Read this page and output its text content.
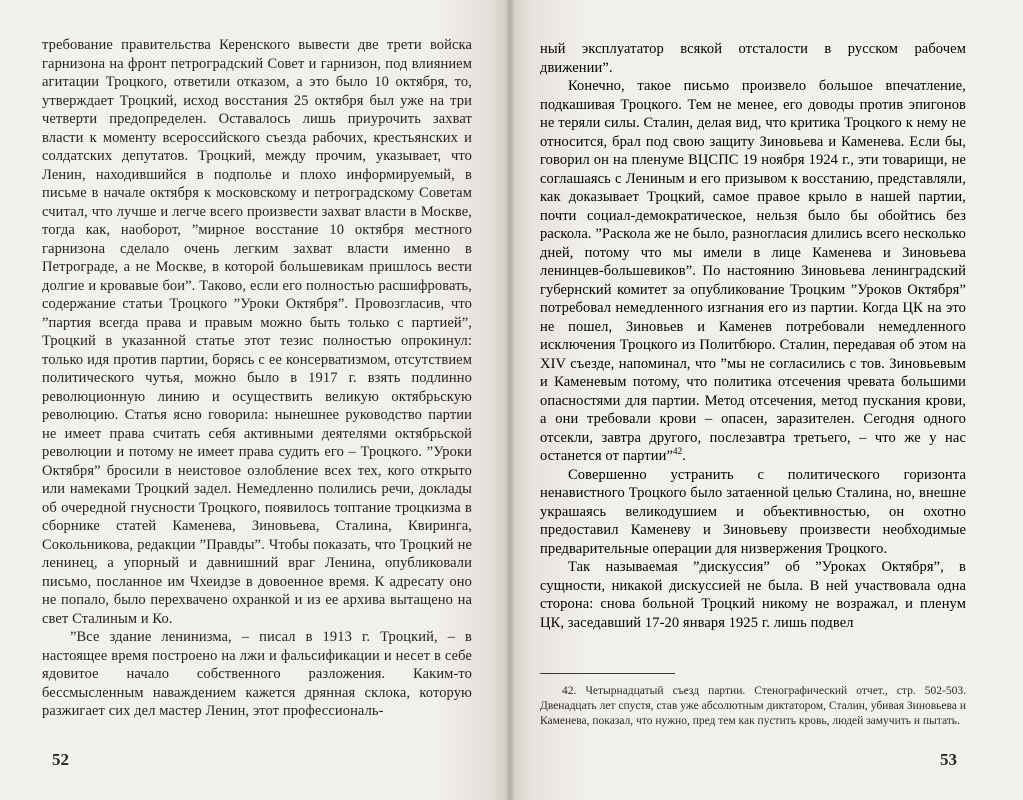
требование правительства Керенского вывести две трети войска гарнизона на фронт петроградский Совет и гарнизон, под влиянием агитации Троцкого, ответили отказом, а это было 10 октября, то, утверждает Троцкий, исход восстания 25 октября был уже на три четверти предопределен. Оставалось лишь приурочить захват власти к моменту всероссийского съезда рабочих, крестьянских и солдатских депутатов. Троцкий, между прочим, указывает, что Ленин, находившийся в подполье и плохо информируемый, в письме в начале октября к московскому и петроградскому Советам считал, что лучше и легче всего произвести захват власти в Москве, тогда как, наоборот, ”мирное восстание 10 октября местного гарнизона сделало очень легким захват власти именно в Петрограде, а не Москве, в которой большевикам пришлось вести долгие и кровавые бои”. Таково, если его полностью расшифровать, содержание статьи Троцкого ”Уроки Октября”. Провозгласив, что ”партия всегда права и правым можно быть только с партией”, Троцкий в указанной статье этот тезис полностью опрокинул: только идя против партии, борясь с ее консерватизмом, отсутствием политического чутья, можно было в 1917 г. взять подлинно революционную линию и осуществить великую октябрьскую революцию. Статья ясно говорила: нынешнее руководство партии не имеет права считать себя активными деятелями октябрьской революции и потому не имеет права судить его – Троцкого. ”Уроки Октября” бросили в неистовое озлобление всех тех, кого открыто или намеками Троцкий задел. Немедленно полились речи, доклады об очередной гнусности Троцкого, появилось топтание троцкизма в сборнике статей Каменева, Зиновьева, Сталина, Квиринга, Сокольникова, редакции ”Правды”. Чтобы показать, что Троцкий не ленинец, а упорный и давнишний враг Ленина, опубликовали письмо, посланное им Чхеидзе в довоенное время. К адресату оно не попало, было перехвачено охранкой и из ее архива вытащено на свет Сталиным и Ко.

”Все здание ленинизма, – писал в 1913 г. Троцкий, – в настоящее время построено на лжи и фальсификации и несет в себе ядовитое начало собственного разложения. Каким-то бессмысленным наваждением кажется дрянная склока, которую разжигает сих дел мастер Ленин, этот профессиональ-

52

ный эксплуататор всякой отсталости в русском рабочем движении”.

Конечно, такое письмо произвело большое впечатление, подкашивая Троцкого. Тем не менее, его доводы против эпигонов не теряли силы. Сталин, делая вид, что критика Троцкого к нему не относится, брал под свою защиту Зиновьева и Каменева. Если бы, говорил он на пленуме ВЦСПС 19 ноября 1924 г., эти товарищи, не соглашаясь с Лениным и его призывом к восстанию, представляли, как доказывает Троцкий, самое правое крыло в нашей партии, почти социал-демократическое, нельзя было бы обойтись без раскола. ”Раскола же не было, разногласия длились всего несколько дней, потому что мы имели в лице Каменева и Зиновьева ленинцев-большевиков”. По настоянию Зиновьева ленинградский губернский комитет за опубликование Троцким ”Уроков Октября” потребовал немедленного изгнания его из партии. Когда ЦК на это не пошел, Зиновьев и Каменев потребовали немедленного исключения Троцкого из Политбюро. Сталин, передавая об этом на XIV съезде, напоминал, что ”мы не согласились с тов. Зиновьевым и Каменевым потому, что политика отсечения чревата большими опасностями для партии. Метод отсечения, метод пускания крови, а они требовали крови – опасен, заразителен. Сегодня одного отсекли, завтра другого, послезавтра третьего, – что же у нас останется от партии”$^{42}$.

Совершенно устранить с политического горизонта ненавистного Троцкого было затаенной целью Сталина, но, внешне украшаясь великодушием и объективностью, он охотно предоставил Каменеву и Зиновьеву произвести необходимые предварительные операции для низвержения Троцкого.

Так называемая ”дискуссия” об ”Уроках Октября”, в сущности, никакой дискуссией не была. В ней участвовала одна сторона: снова больной Троцкий никому не возражал, и пленум ЦК, заседавший 17-20 января 1925 г. лишь подвел

42. Четырнадцатый съезд партии. Стенографический отчет., стр. 502-503. Двенадцать лет спустя, став уже абсолютным диктатором, Сталин, убивая Зиновьева и Каменева, показал, что нужно, пред тем как пустить кровь, людей замучить и пытать.

53
